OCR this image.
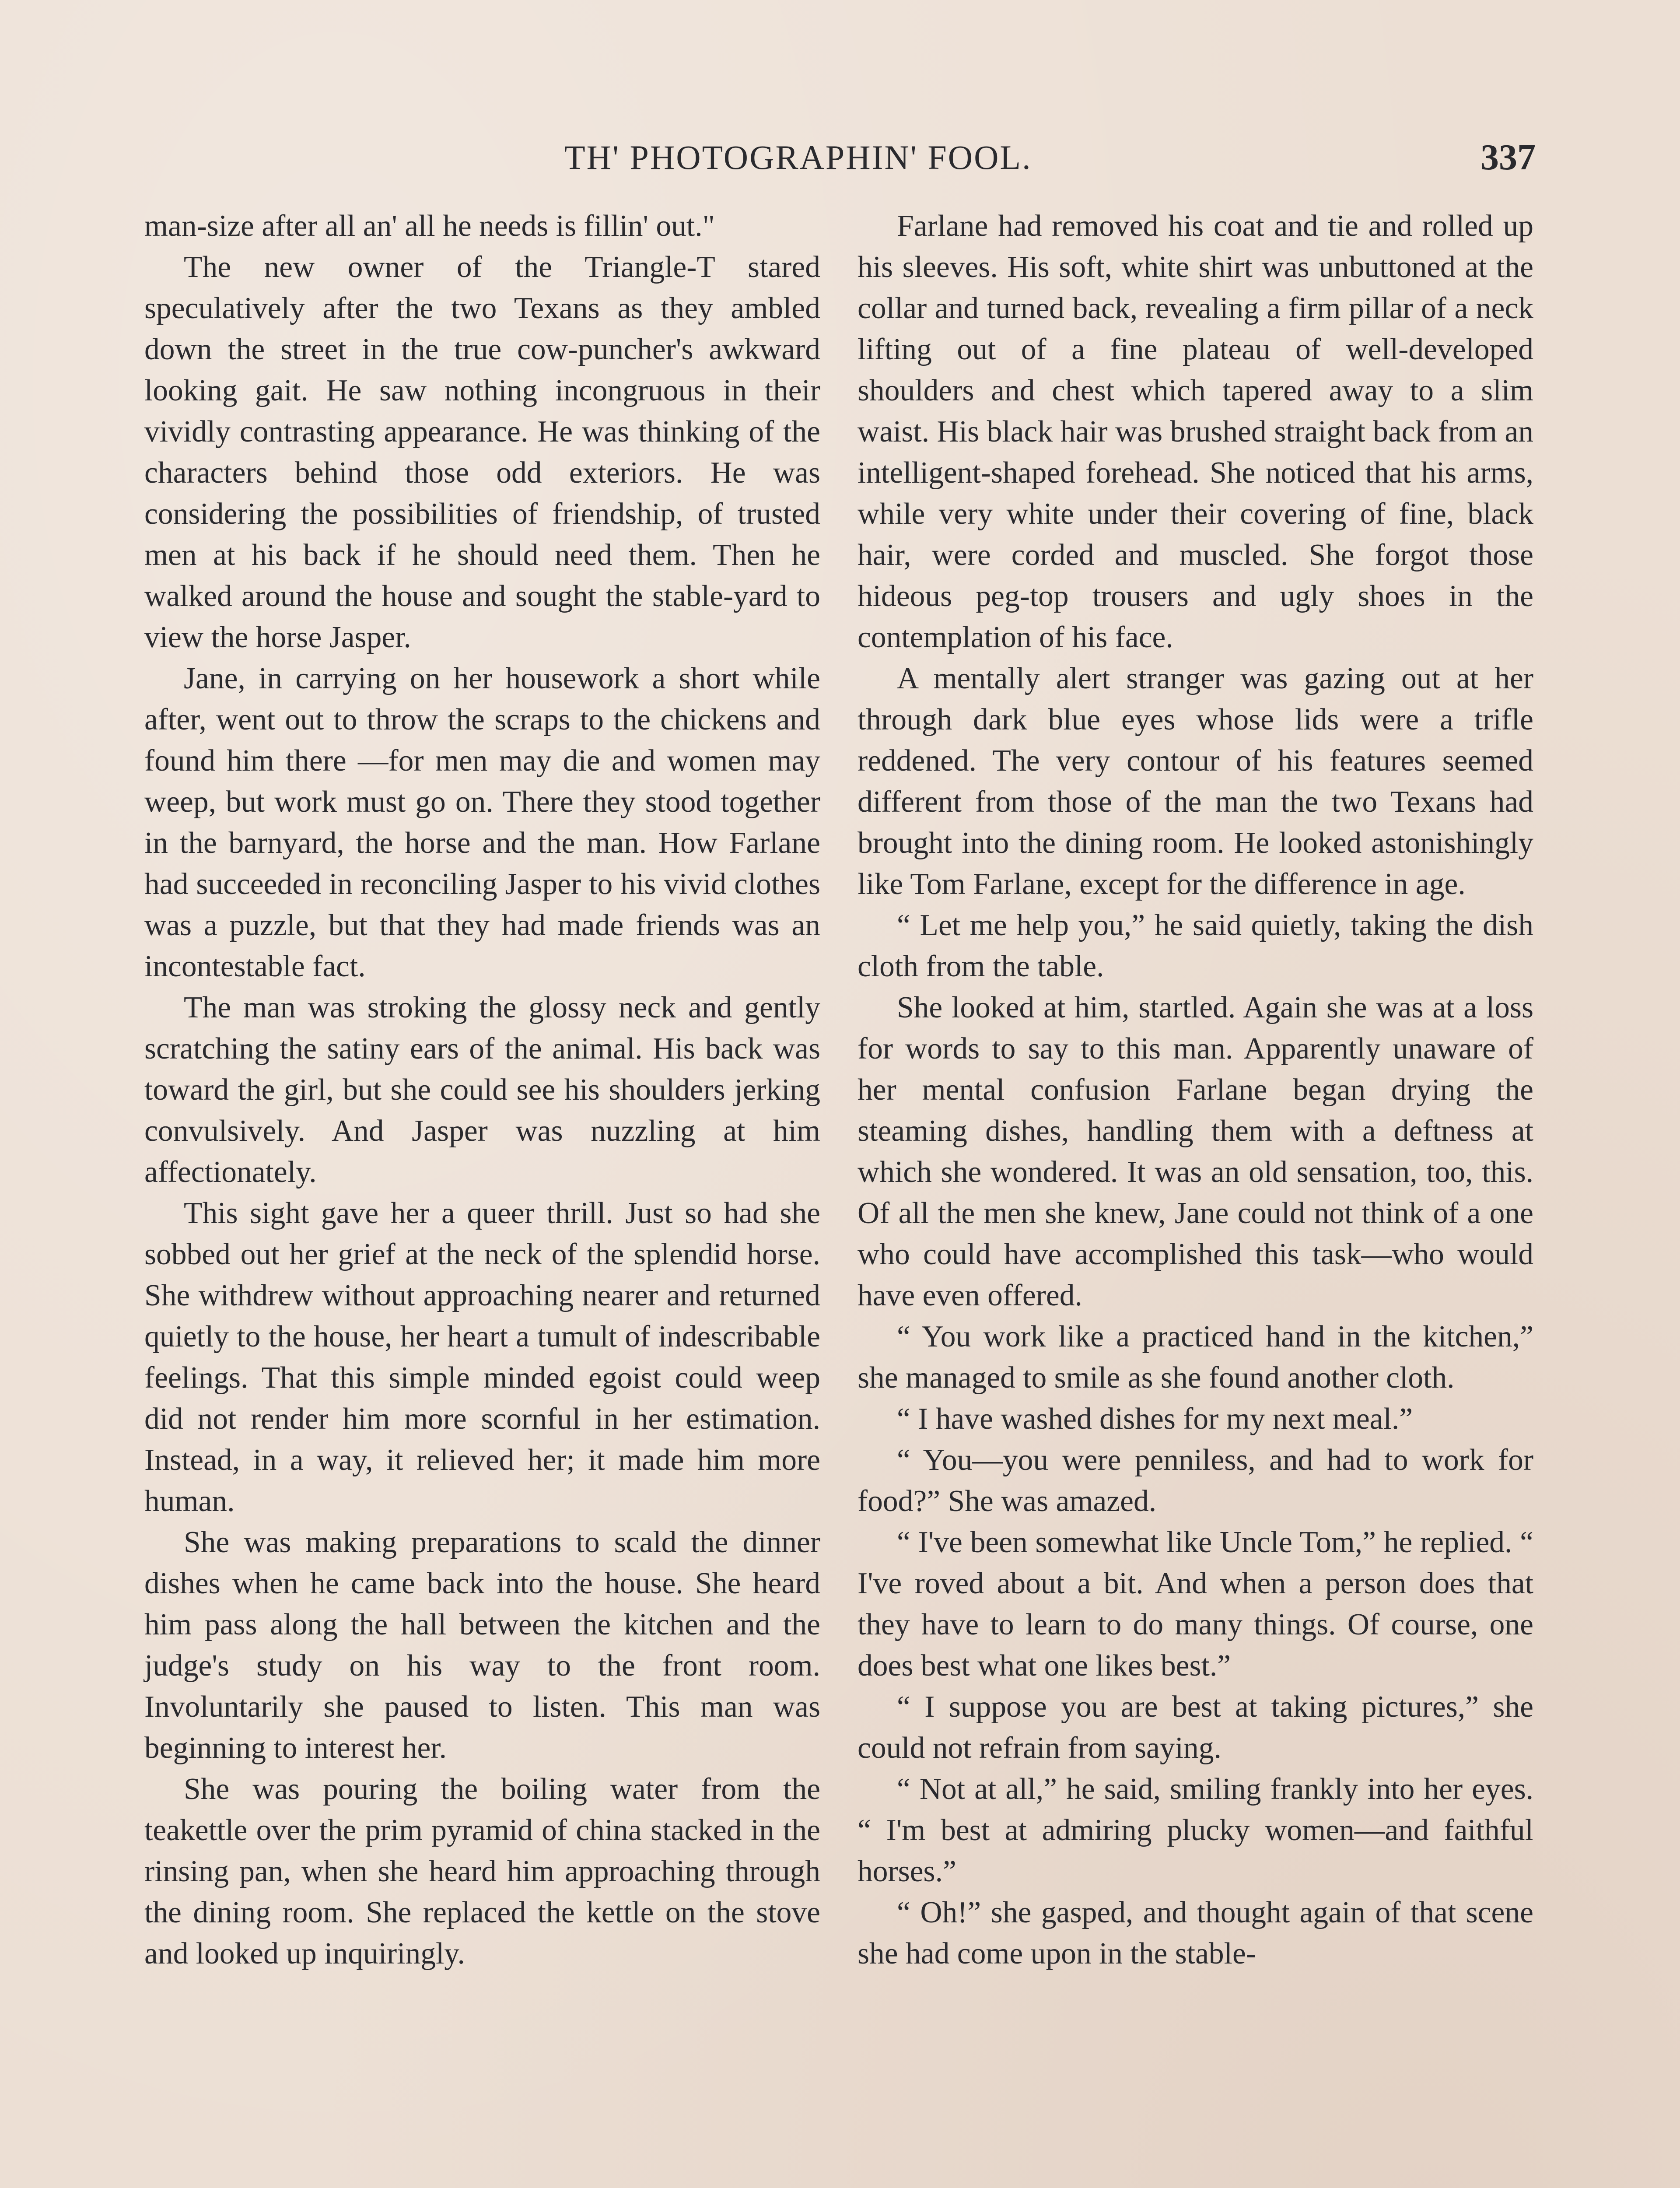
TH' PHOTOGRAPHIN' FOOL.	337

man-size after all an' all he needs is fillin' out."

The new owner of the Triangle-T stared speculatively after the two Texans as they ambled down the street in the true cow-puncher's awkward looking gait. He saw nothing incongruous in their vividly contrasting appearance. He was thinking of the characters behind those odd exteriors. He was considering the possibilities of friendship, of trusted men at his back if he should need them. Then he walked around the house and sought the stable-yard to view the horse Jasper.

Jane, in carrying on her housework a short while after, went out to throw the scraps to the chickens and found him there —for men may die and women may weep, but work must go on. There they stood together in the barnyard, the horse and the man. How Farlane had succeeded in reconciling Jasper to his vivid clothes was a puzzle, but that they had made friends was an incontestable fact.

The man was stroking the glossy neck and gently scratching the satiny ears of the animal. His back was toward the girl, but she could see his shoulders jerking convulsively. And Jasper was nuzzling at him affectionately.

This sight gave her a queer thrill. Just so had she sobbed out her grief at the neck of the splendid horse. She withdrew without approaching nearer and returned quietly to the house, her heart a tumult of indescribable feelings. That this simple minded egoist could weep did not render him more scornful in her estimation. Instead, in a way, it relieved her; it made him more human.

She was making preparations to scald the dinner dishes when he came back into the house. She heard him pass along the hall between the kitchen and the judge's study on his way to the front room. Involuntarily she paused to listen. This man was beginning to interest her.

She was pouring the boiling water from the teakettle over the prim pyramid of china stacked in the rinsing pan, when she heard him approaching through the dining room. She replaced the kettle on the stove and looked up inquiringly.

Farlane had removed his coat and tie and rolled up his sleeves. His soft, white shirt was unbuttoned at the collar and turned back, revealing a firm pillar of a neck lifting out of a fine plateau of well-developed shoulders and chest which tapered away to a slim waist. His black hair was brushed straight back from an intelligent-shaped forehead. She noticed that his arms, while very white under their covering of fine, black hair, were corded and muscled. She forgot those hideous peg-top trousers and ugly shoes in the contemplation of his face.

A mentally alert stranger was gazing out at her through dark blue eyes whose lids were a trifle reddened. The very contour of his features seemed different from those of the man the two Texans had brought into the dining room. He looked astonishingly like Tom Farlane, except for the difference in age.

“ Let me help you,” he said quietly, taking the dish cloth from the table.

She looked at him, startled. Again she was at a loss for words to say to this man. Apparently unaware of her mental confusion Farlane began drying the steaming dishes, handling them with a deftness at which she wondered. It was an old sensation, too, this. Of all the men she knew, Jane could not think of a one who could have accomplished this task—who would have even offered.

“ You work like a practiced hand in the kitchen,” she managed to smile as she found another cloth.

“ I have washed dishes for my next meal.”

“ You—you were penniless, and had to work for food?” She was amazed.

“ I've been somewhat like Uncle Tom,” he replied. “ I've roved about a bit. And when a person does that they have to learn to do many things. Of course, one does best what one likes best.”

“ I suppose you are best at taking pictures,” she could not refrain from saying.

“ Not at all,” he said, smiling frankly into her eyes. “ I'm best at admiring plucky women—and faithful horses.”

“ Oh!” she gasped, and thought again of that scene she had come upon in the stable-
